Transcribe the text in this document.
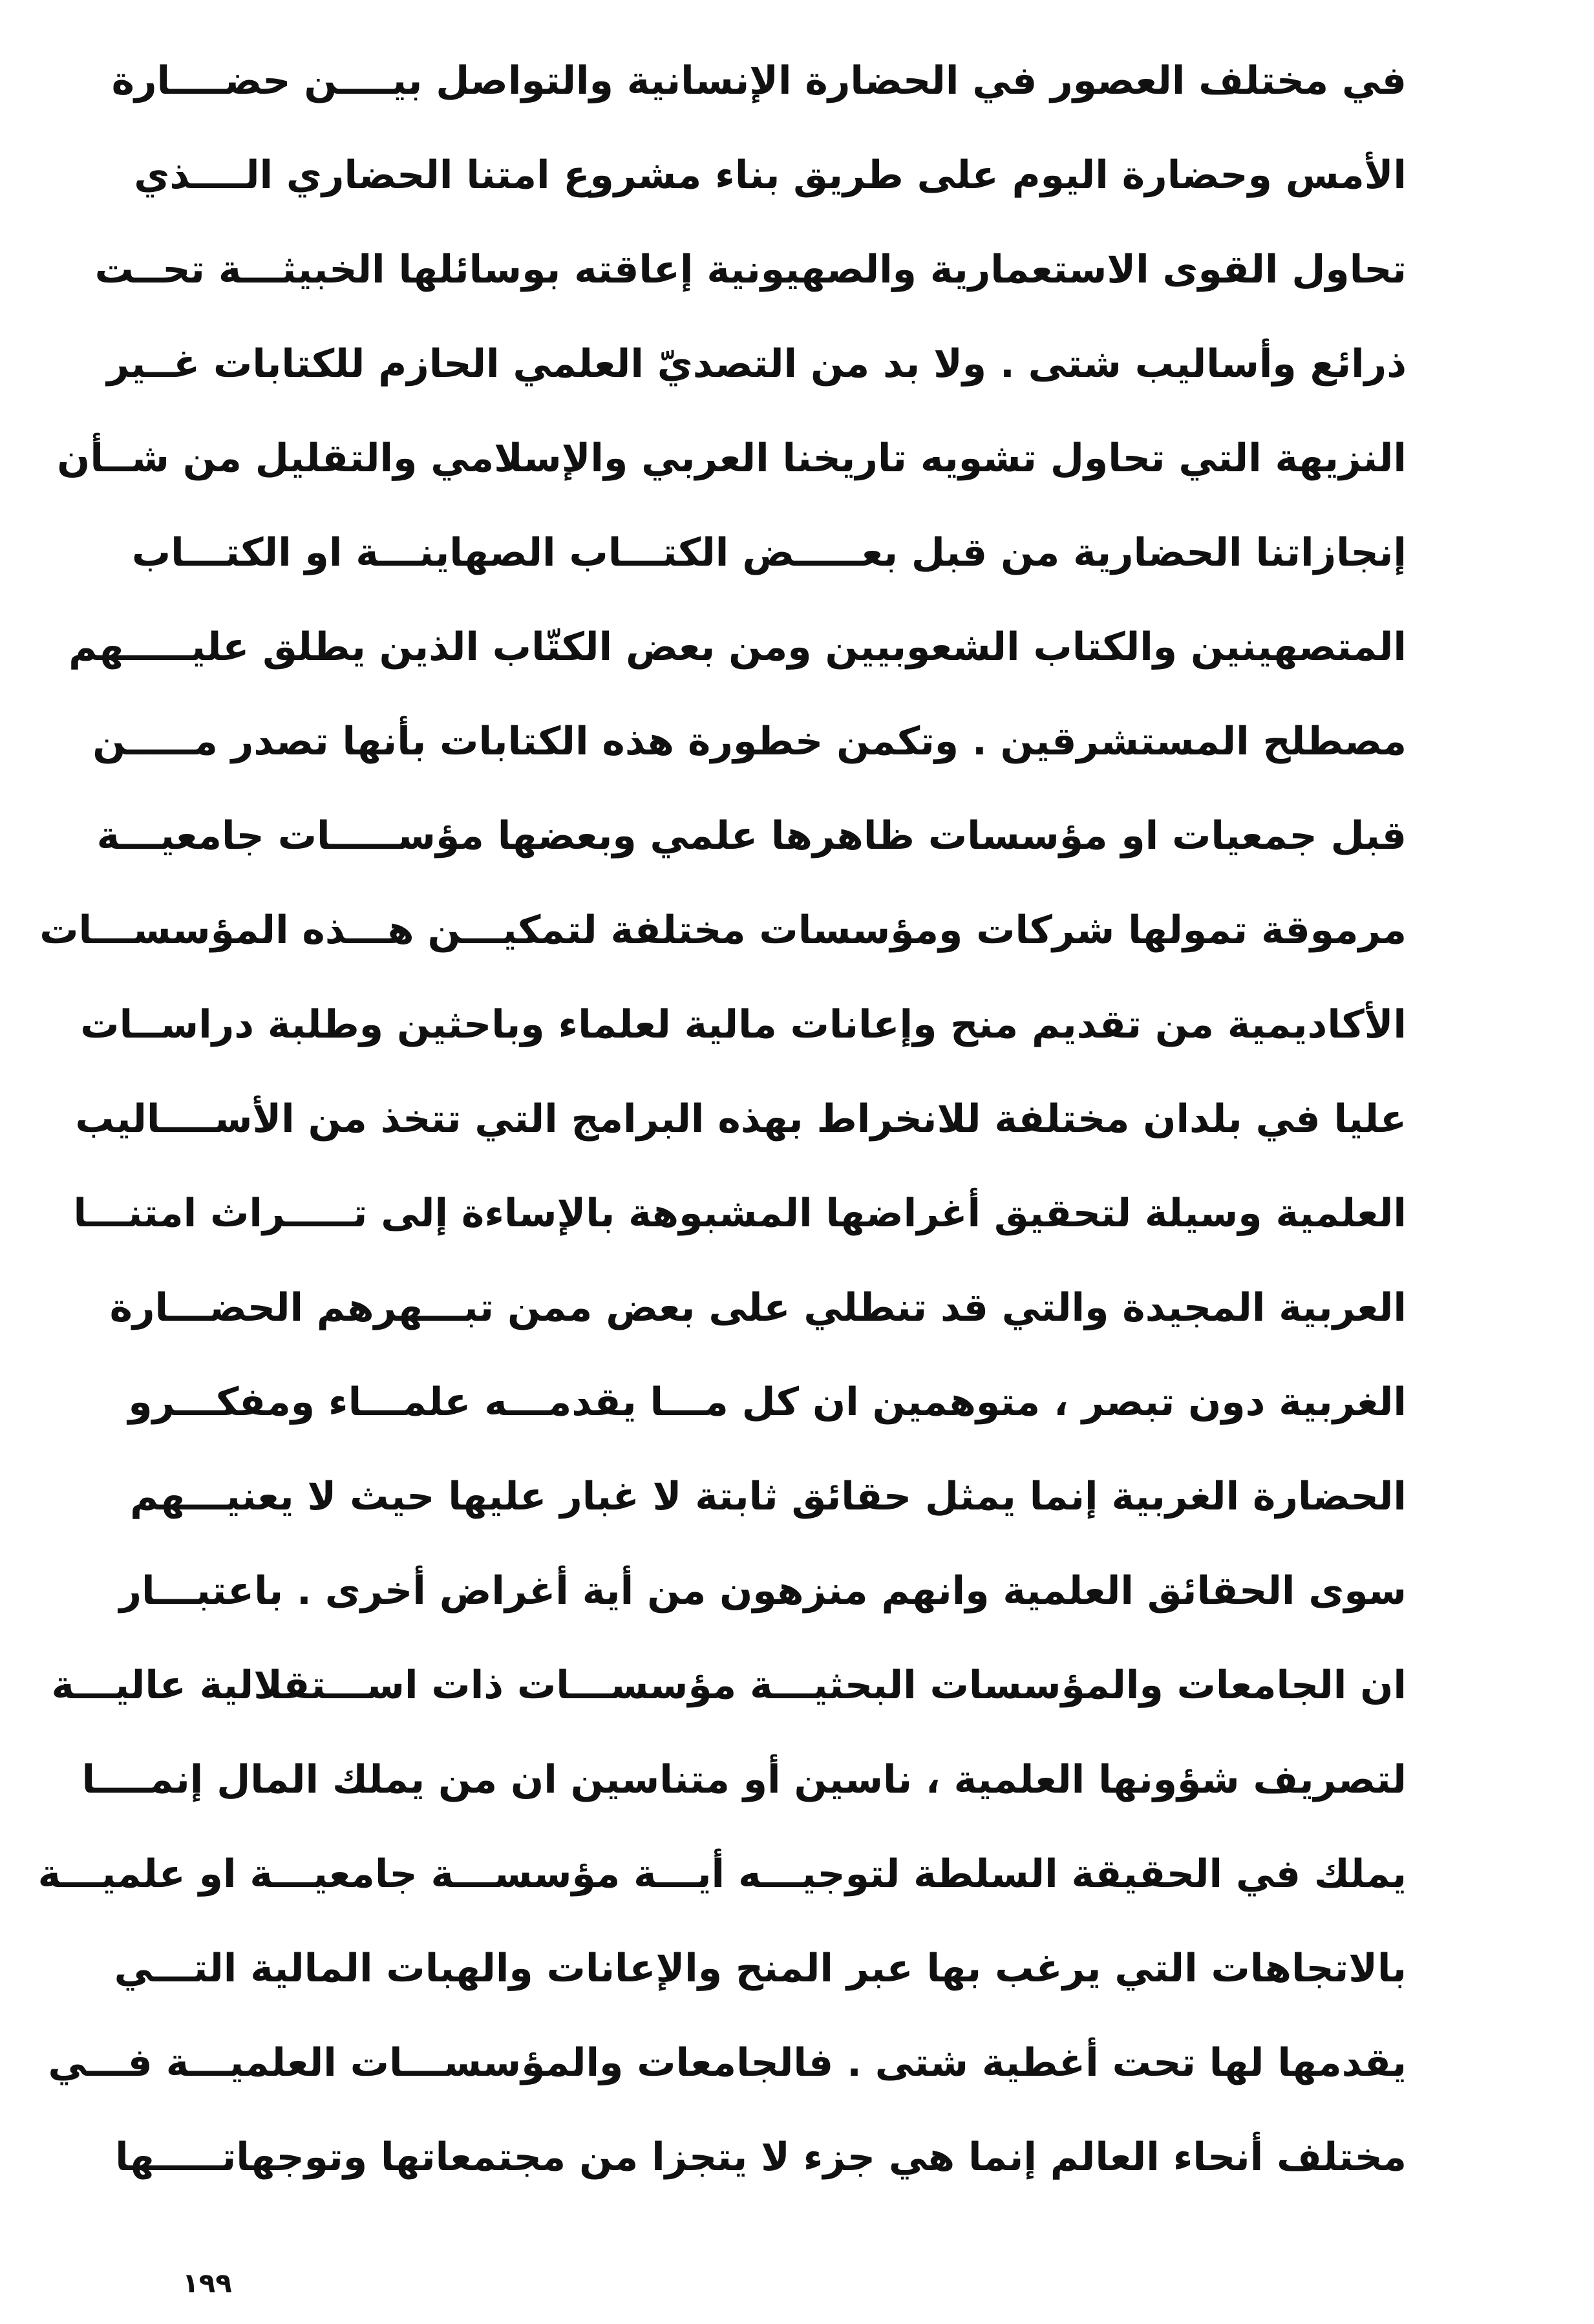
في مختلف العصور في الحضارة الإنسانية والتواصل بيــــن حضــــارة
الأمس وحضارة اليوم على طريق بناء مشروع امتنا الحضاري الــــذي
تحاول القوى الاستعمارية والصهيونية إعاقته بوسائلها الخبيثـــة تحــت
ذرائع وأساليب شتى . ولا بد من التصديّ العلمي الحازم للكتابات غــير
النزيهة التي تحاول تشويه تاريخنا العربي والإسلامي والتقليل من شــأن
إنجازاتنا الحضارية من قبل بعـــــض الكتـــاب الصهاينـــة او الكتـــاب
المتصهينين والكتاب الشعوبيين ومن بعض الكتّاب الذين يطلق عليـــــهم
مصطلح المستشرقين . وتكمن خطورة هذه الكتابات بأنها تصدر مـــــن
قبل جمعيات او مؤسسات ظاهرها علمي وبعضها مؤســـــات جامعيـــة
مرموقة تمولها شركات ومؤسسات مختلفة لتمكيـــن هـــذه المؤسســـات
الأكاديمية من تقديم منح وإعانات مالية لعلماء وباحثين وطلبة دراســات
عليا في بلدان مختلفة للانخراط بهذه البرامج التي تتخذ من الأســــاليب
العلمية وسيلة لتحقيق أغراضها المشبوهة بالإساءة إلى تـــــراث امتنـــا
العربية المجيدة والتي قد تنطلي على بعض ممن تبـــهرهم الحضـــارة
الغربية دون تبصر ، متوهمين ان كل مـــا يقدمـــه علمـــاء ومفكـــرو
الحضارة الغربية إنما يمثل حقائق ثابتة لا غبار عليها حيث لا يعنيـــهم
سوى الحقائق العلمية وانهم منزهون من أية أغراض أخرى . باعتبـــار
ان الجامعات والمؤسسات البحثيـــة مؤسســـات ذات اســـتقلالية عاليـــة
لتصريف شؤونها العلمية ، ناسين أو متناسين ان من يملك المال إنمــــا
يملك في الحقيقة السلطة لتوجيـــه أيـــة مؤسســـة جامعيـــة او علميـــة
بالاتجاهات التي يرغب بها عبر المنح والإعانات والهبات المالية التـــي
يقدمها لها تحت أغطية شتى . فالجامعات والمؤسســـات العلميـــة فـــي
مختلف أنحاء العالم إنما هي جزء لا يتجزا من مجتمعاتها وتوجهاتـــــها
١٩٩
